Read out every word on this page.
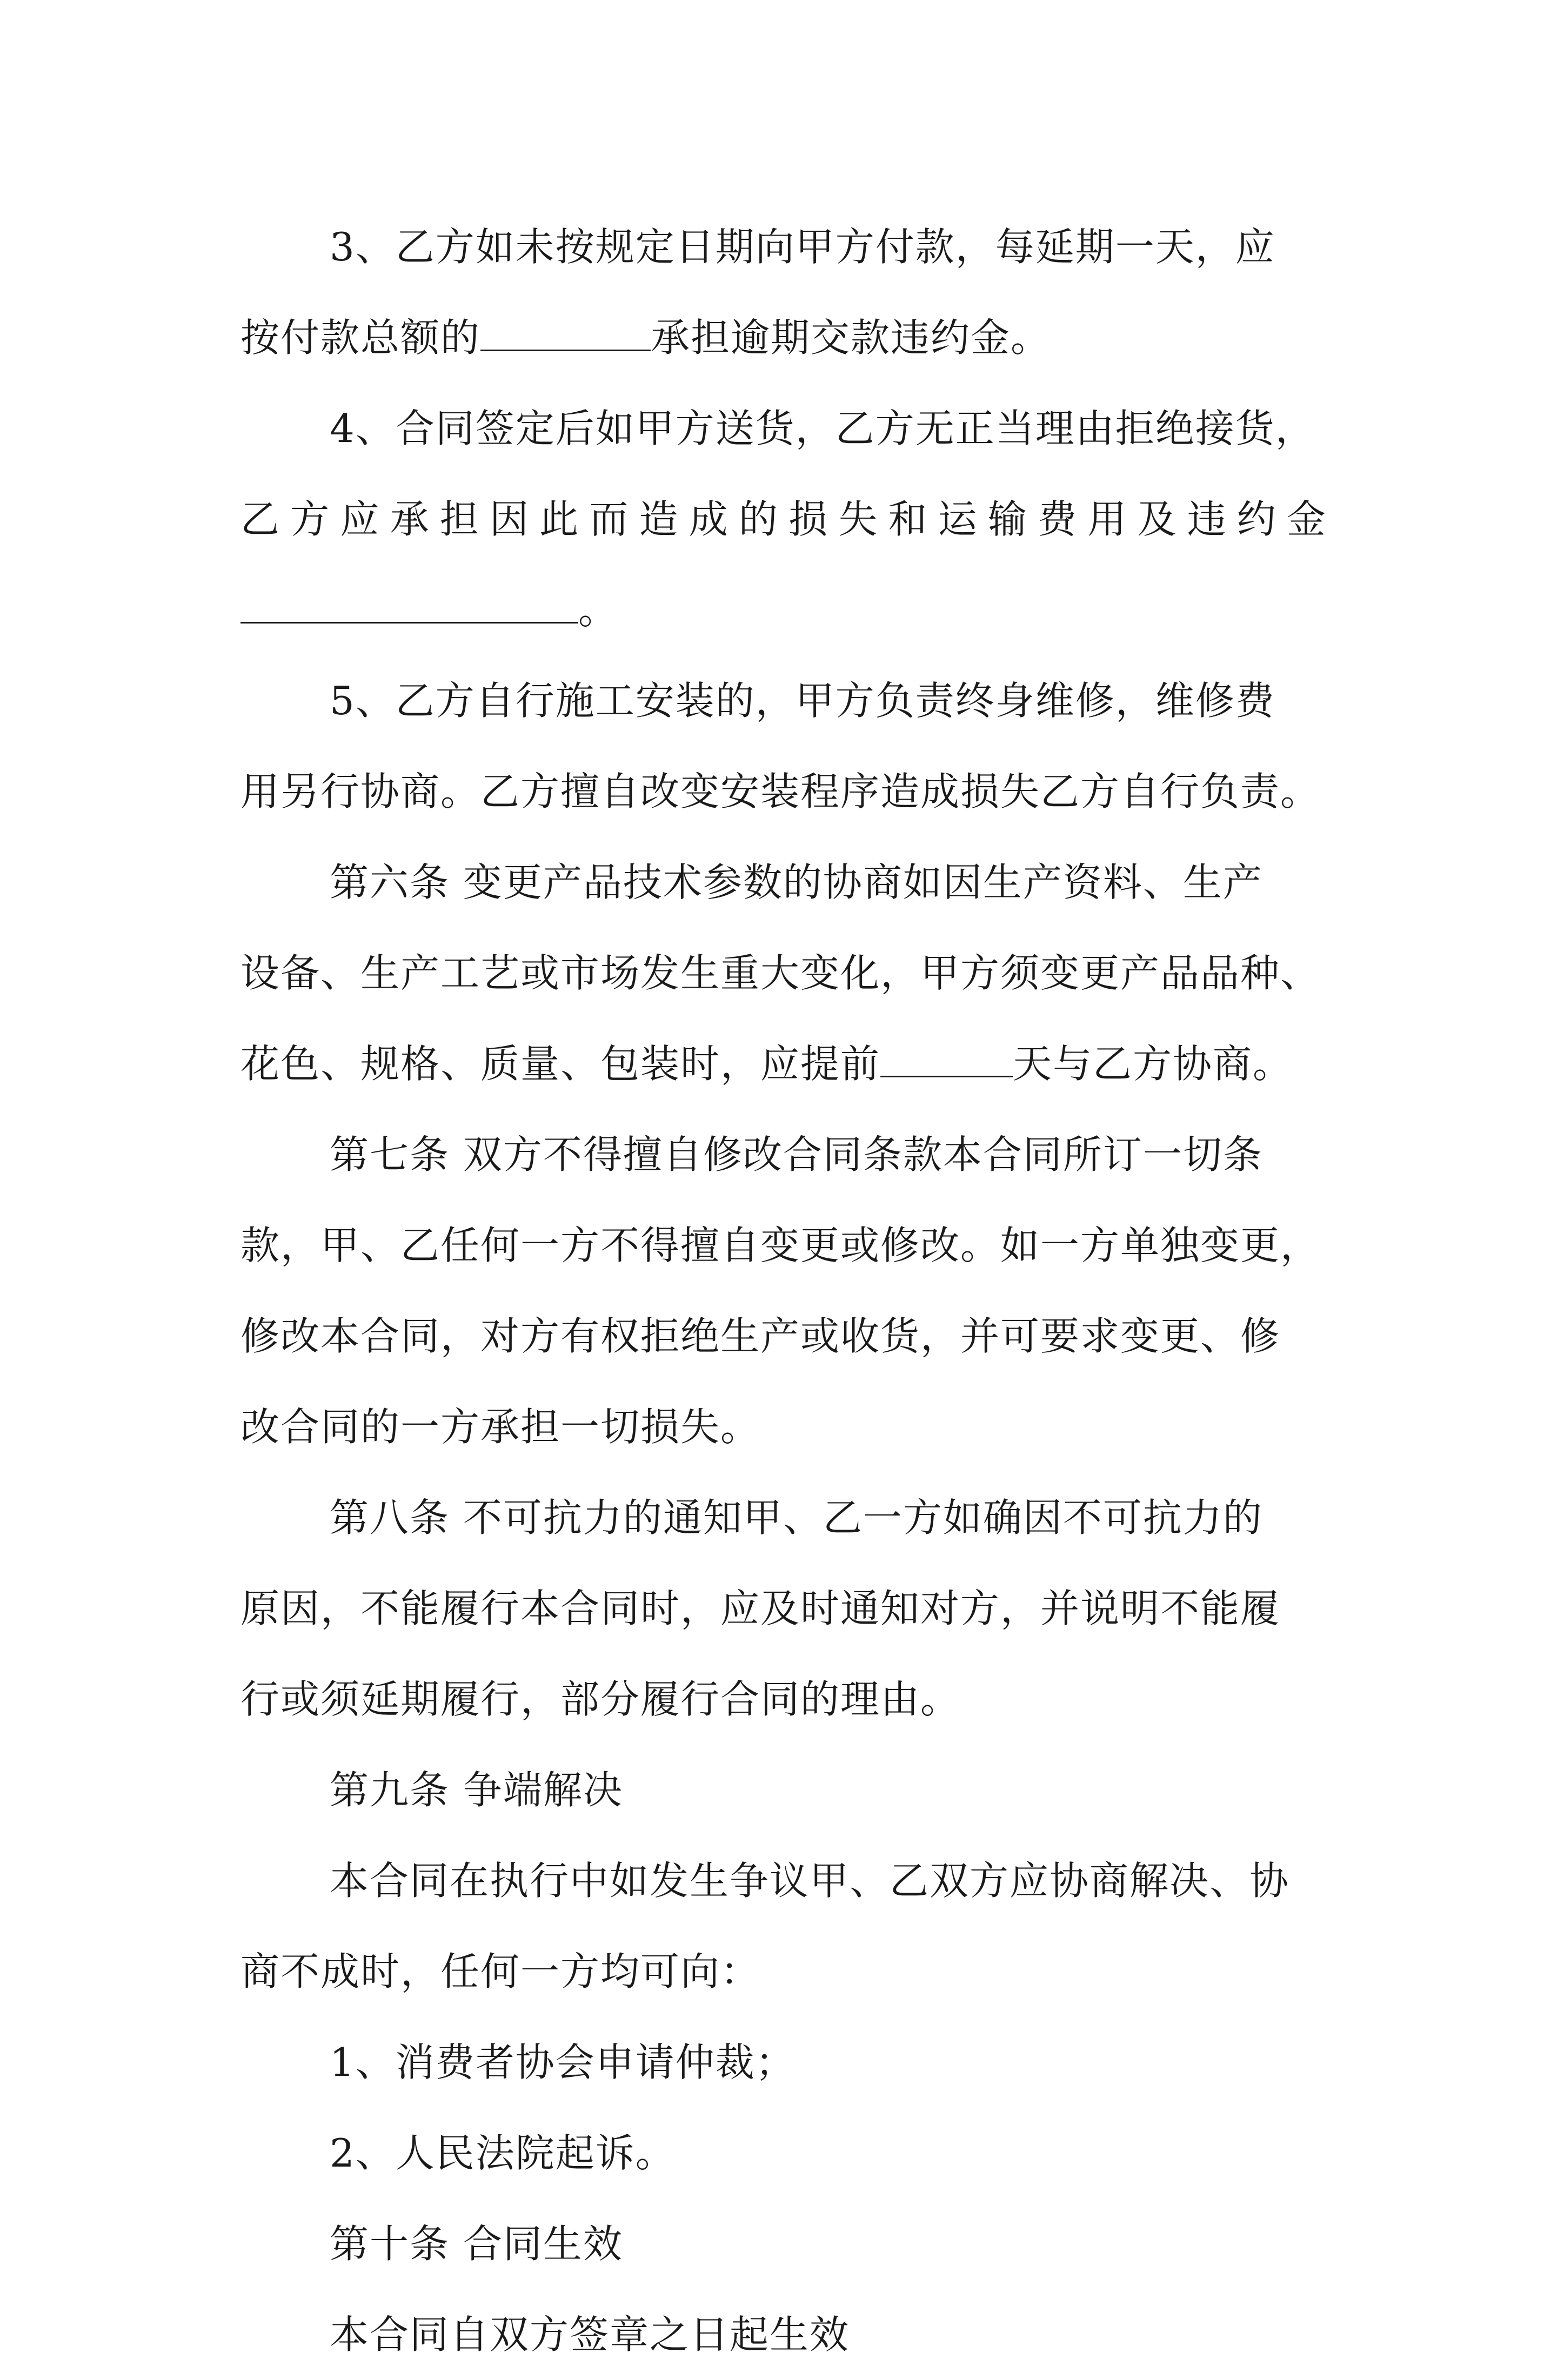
3、乙方如未按规定日期向甲方付款，每延期一天，应
按付款总额的	承担逾期交款违约金。
4、合同签定后如甲方送货，乙方无正当理由拒绝接货，
乙方应承担因此而造成的损失和运输费用及违约金
。
5、乙方自行施工安装的，甲方负责终身维修，维修费
用另行协商。乙方擅自改变安装程序造成损失乙方自行负责。
第六条 变更产品技术参数的协商如因生产资料、生产
设备、生产工艺或市场发生重大变化，甲方须变更产品品种、
花色、规格、质量、包装时，应提前	天与乙方协商。
第七条 双方不得擅自修改合同条款本合同所订一切条
款，甲、乙任何一方不得擅自变更或修改。如一方单独变更，
修改本合同，对方有权拒绝生产或收货，并可要求变更、修
改合同的一方承担一切损失。
第八条 不可抗力的通知甲、乙一方如确因不可抗力的
原因，不能履行本合同时，应及时通知对方，并说明不能履
行或须延期履行，部分履行合同的理由。
第九条 争端解决
本合同在执行中如发生争议甲、乙双方应协商解决、协
商不成时，任何一方均可向：
1、消费者协会申请仲裁；
2、人民法院起诉。
第十条 合同生效
本合同自双方签章之日起生效
